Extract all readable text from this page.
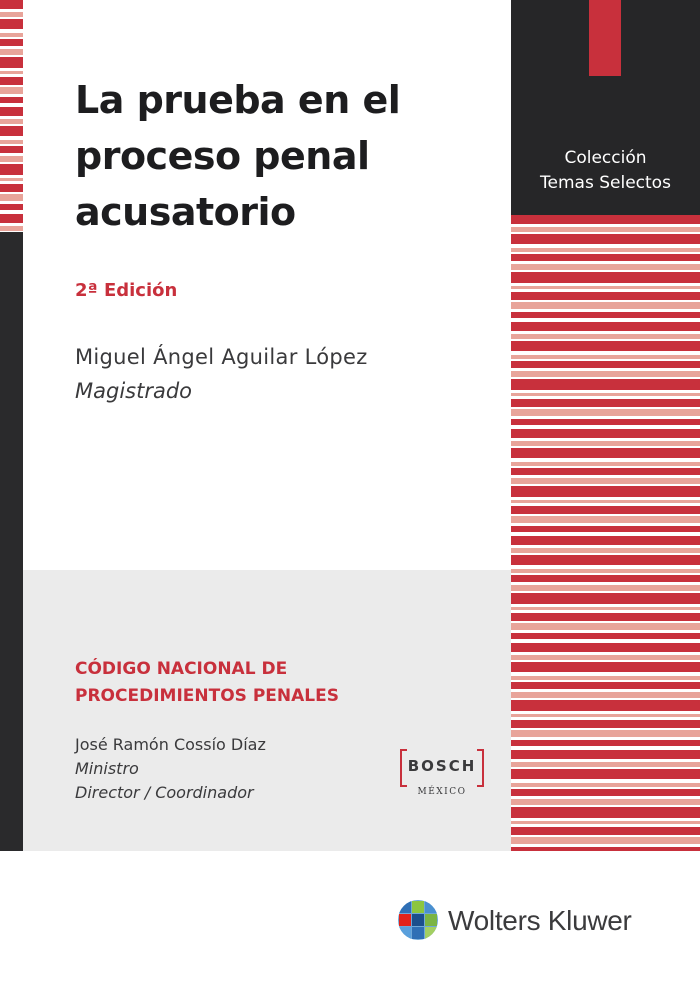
Colección
Temas Selectos
La prueba en el
proceso penal
acusatorio
2ª Edición
Miguel Ángel Aguilar López
Magistrado
CÓDIGO NACIONAL DE
PROCEDIMIENTOS PENALES
José Ramón Cossío Díaz
Ministro
Director / Coordinador
BOSCH
MÉXICO
Wolters Kluwer
